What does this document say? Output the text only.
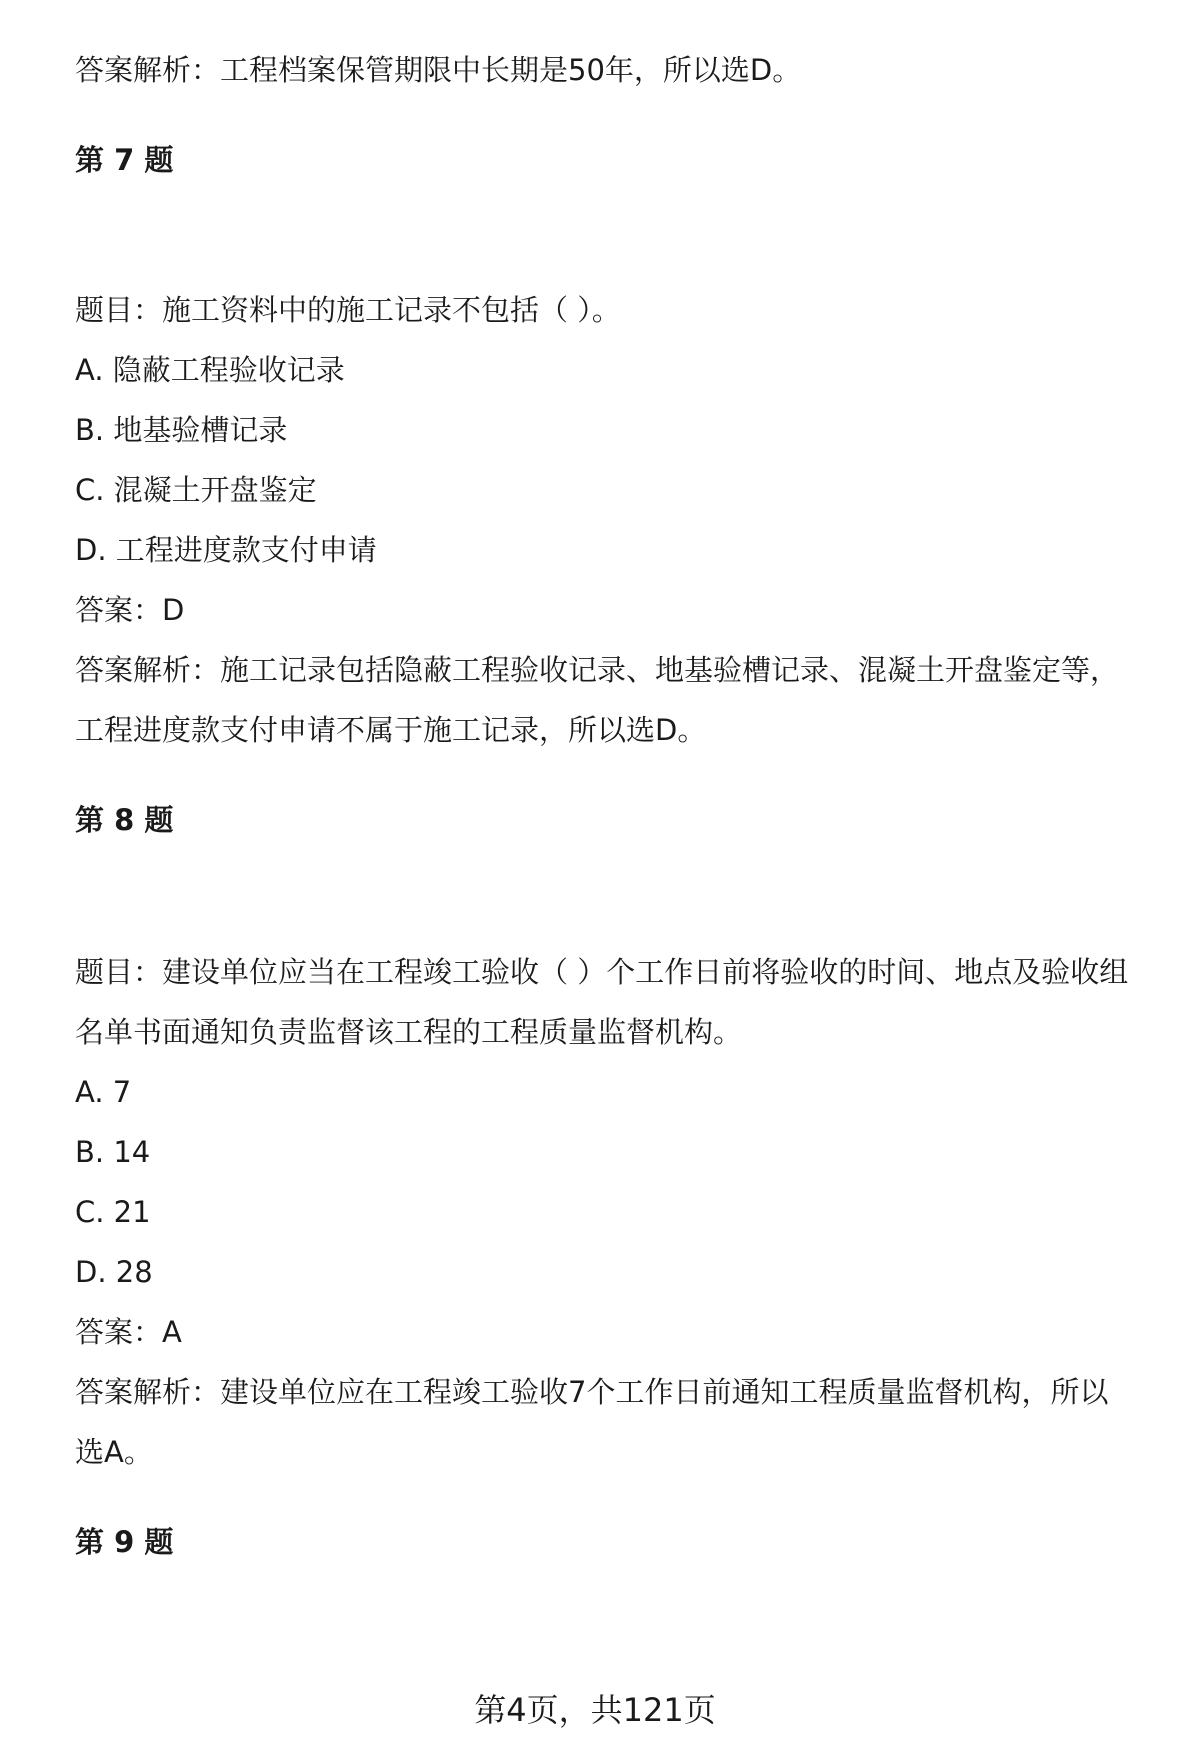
答案解析：工程档案保管期限中长期是50年，所以选D。
第 7 题
题目：施工资料中的施工记录不包括（ ）。
A. 隐蔽工程验收记录
B. 地基验槽记录
C. 混凝土开盘鉴定
D. 工程进度款支付申请
答案：D
答案解析：施工记录包括隐蔽工程验收记录、地基验槽记录、混凝土开盘鉴定等，
工程进度款支付申请不属于施工记录，所以选D。
第 8 题
题目：建设单位应当在工程竣工验收（ ）个工作日前将验收的时间、地点及验收组
名单书面通知负责监督该工程的工程质量监督机构。
A. 7
B. 14
C. 21
D. 28
答案：A
答案解析：建设单位应在工程竣工验收7个工作日前通知工程质量监督机构，所以
选A。
第 9 题
第4页，共121页
